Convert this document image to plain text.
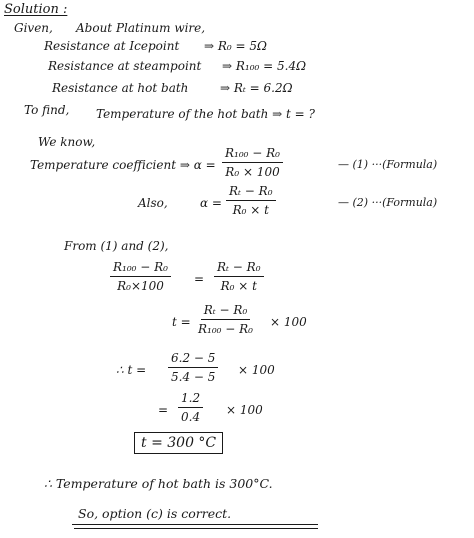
Solution :
Given, About Platinum wire,
Resistance at Icepoint ⇒ R₀ = 5Ω
Resistance at steampoint ⇒ R₁₀₀ = 5.4Ω
Resistance at hot bath	⇒ Rₜ = 6.2Ω
To find, Temperature of the hot bath ⇒ t = ?
We know,
Temperature coefficient ⇒ $\alpha = \frac{\text{R₁₀₀ − R₀}}{\text{R₀ × 100}}$	— (1) ···(Formula)
Also,	$\alpha = \frac{\text{Rₜ − R₀}}{\text{R₀ × t}}$	— (2) ···(Formula)
From (1) and (2),
$\frac{\text{R₁₀₀ − R₀}}{\text{R₀×100}} = \frac{\text{Rₜ − R₀}}{\text{R₀ × t}}$
$t = \frac{\text{Rₜ − R₀}}{\text{R₁₀₀ − R₀}} \times 100$
∴ $t = \frac{6.2 - 5}{5.4 - 5} \times 100$
= $\frac{1.2}{0.4} \times 100$
t = 300 °C
∴ Temperature of hot bath is 300°C.
So, option (c) is correct.
